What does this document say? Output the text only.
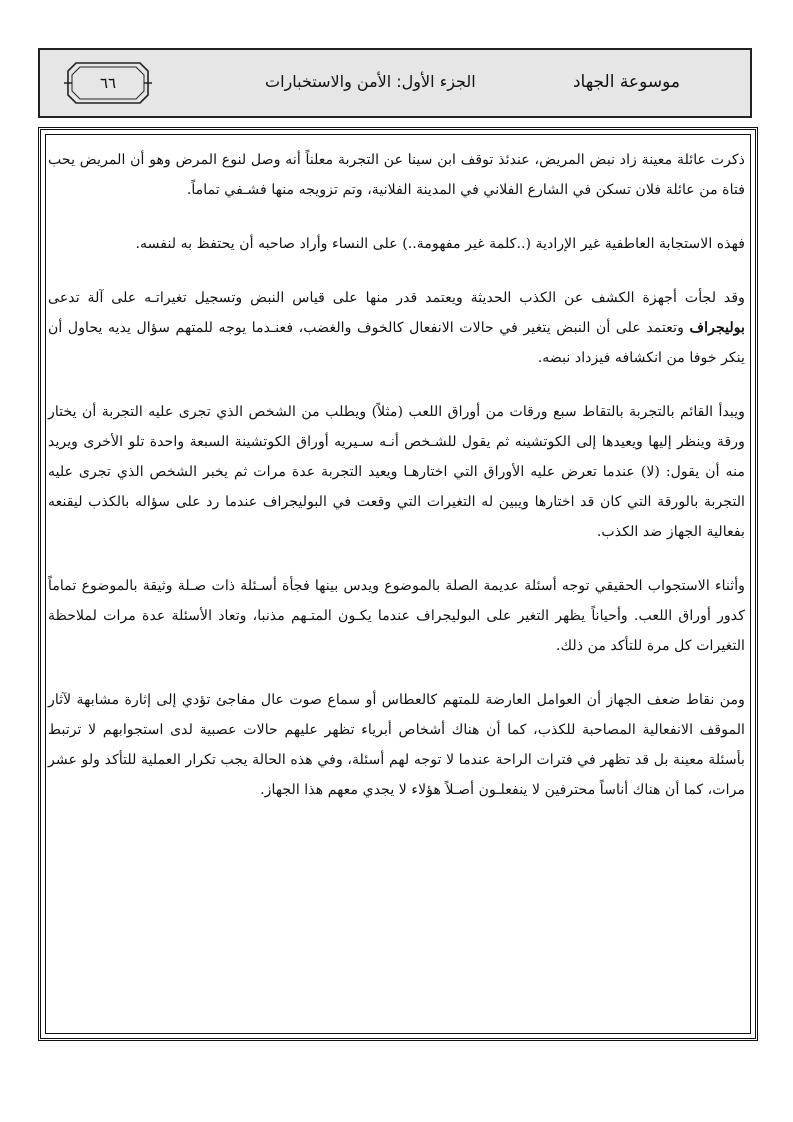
موسوعة الجهاد
الجزء الأول: الأمن والاستخبارات
٦٦

ذكرت عائلة معينة زاد نبض المريض، عندئذ توقف ابن سينا عن التجربة معلناً أنه وصل لنوع المرض وهو أن المريض يحب فتاة من عائلة فلان تسكن في الشارع الفلاني في المدينة الفلانية، وتم تزويجه منها فشـفي تماماً.

فهذه الاستجابة العاطفية غير الإرادية (..كلمة غير مفهومة..) على النساء وأراد صاحبه أن يحتفظ به لنفسه.

وقد لجأت أجهزة الكشف عن الكذب الحديثة ويعتمد قدر منها على قياس النبض وتسجيل تغيراتـه على آلة تدعى بوليجراف وتعتمد على أن النبض يتغير في حالات الانفعال كالخوف والغضب، فعنـدما يوجه للمتهم سؤال يديه يحاول أن ينكر خوفا من انكشافه فيزداد نبضه.

ويبدأ القائم بالتجربة بالتقاط سبع ورقات من أوراق اللعب (مثلاً) ويطلب من الشخص الذي تجرى عليه التجربة أن يختار ورقة وينظر إليها ويعيدها إلى الكوتشينه ثم يقول للشـخص أنـه سـيريه أوراق الكوتشينة السبعة واحدة تلو الأخرى ويريد منه أن يقول: (لا) عندما تعرض عليه الأوراق التي اختارهـا ويعيد التجربة عدة مرات ثم يخبر الشخص الذي تجرى عليه التجربة بالورقة التي كان قد اختارها ويبين له التغيرات التي وقعت في البوليجراف عندما رد على سؤاله بالكذب ليقنعه بفعالية الجهاز ضد الكذب.

وأثناء الاستجواب الحقيقي توجه أسئلة عديمة الصلة بالموضوع ويدس بينها فجأة أسـئلة ذات صـلة وثيقة بالموضوع تماماً كدور أوراق اللعب. وأحياناً يظهر التغير على البوليجراف عندما يكـون المتـهم مذنبا، وتعاد الأسئلة عدة مرات لملاحظة التغيرات كل مرة للتأكد من ذلك.

ومن نقاط ضعف الجهاز أن العوامل العارضة للمتهم كالعطاس أو سماع صوت عال مفاجئ تؤدي إلى إثارة مشابهة لآثار الموقف الانفعالية المصاحبة للكذب، كما أن هناك أشخاص أبرياء تظهر عليهم حالات عصبية لدى استجوابهم لا ترتبط بأسئلة معينة بل قد تظهر في فترات الراحة عندما لا توجه لهم أسئلة، وفي هذه الحالة يجب تكرار العملية للتأكد ولو عشر مرات، كما أن هناك أناساً محترفين لا ينفعلـون أصـلاً هؤلاء لا يجدي معهم هذا الجهاز.
